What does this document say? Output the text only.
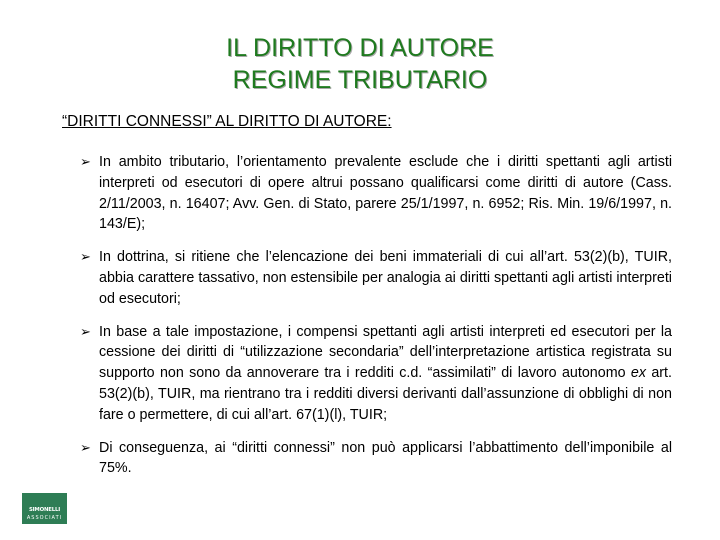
IL DIRITTO DI AUTORE
REGIME TRIBUTARIO
“DIRITTI CONNESSI” AL DIRITTO DI AUTORE:
➢ In ambito tributario, l’orientamento prevalente esclude che i diritti spettanti agli artisti interpreti od esecutori di opere altrui possano qualificarsi come diritti di autore (Cass. 2/11/2003, n. 16407; Avv. Gen. di Stato, parere 25/1/1997, n. 6952; Ris. Min. 19/6/1997, n. 143/E);
➢ In dottrina, si ritiene che l’elencazione dei beni immateriali di cui all’art. 53(2)(b), TUIR, abbia carattere tassativo, non estensibile per analogia ai diritti spettanti agli artisti interpreti od esecutori;
➢ In base a tale impostazione, i compensi spettanti agli artisti interpreti ed esecutori per la cessione dei diritti di “utilizzazione secondaria” dell’interpretazione artistica registrata su supporto non sono da annoverare tra i redditi c.d. “assimilati” di lavoro autonomo ex art. 53(2)(b), TUIR, ma rientrano tra i redditi diversi derivanti dall’assunzione di obblighi di non fare o permettere, di cui all’art. 67(1)(l), TUIR;
➢ Di conseguenza, ai “diritti connessi” non può applicarsi l’abbattimento dell’imponibile al 75%.
SIMONELLI
ASSOCIATI
